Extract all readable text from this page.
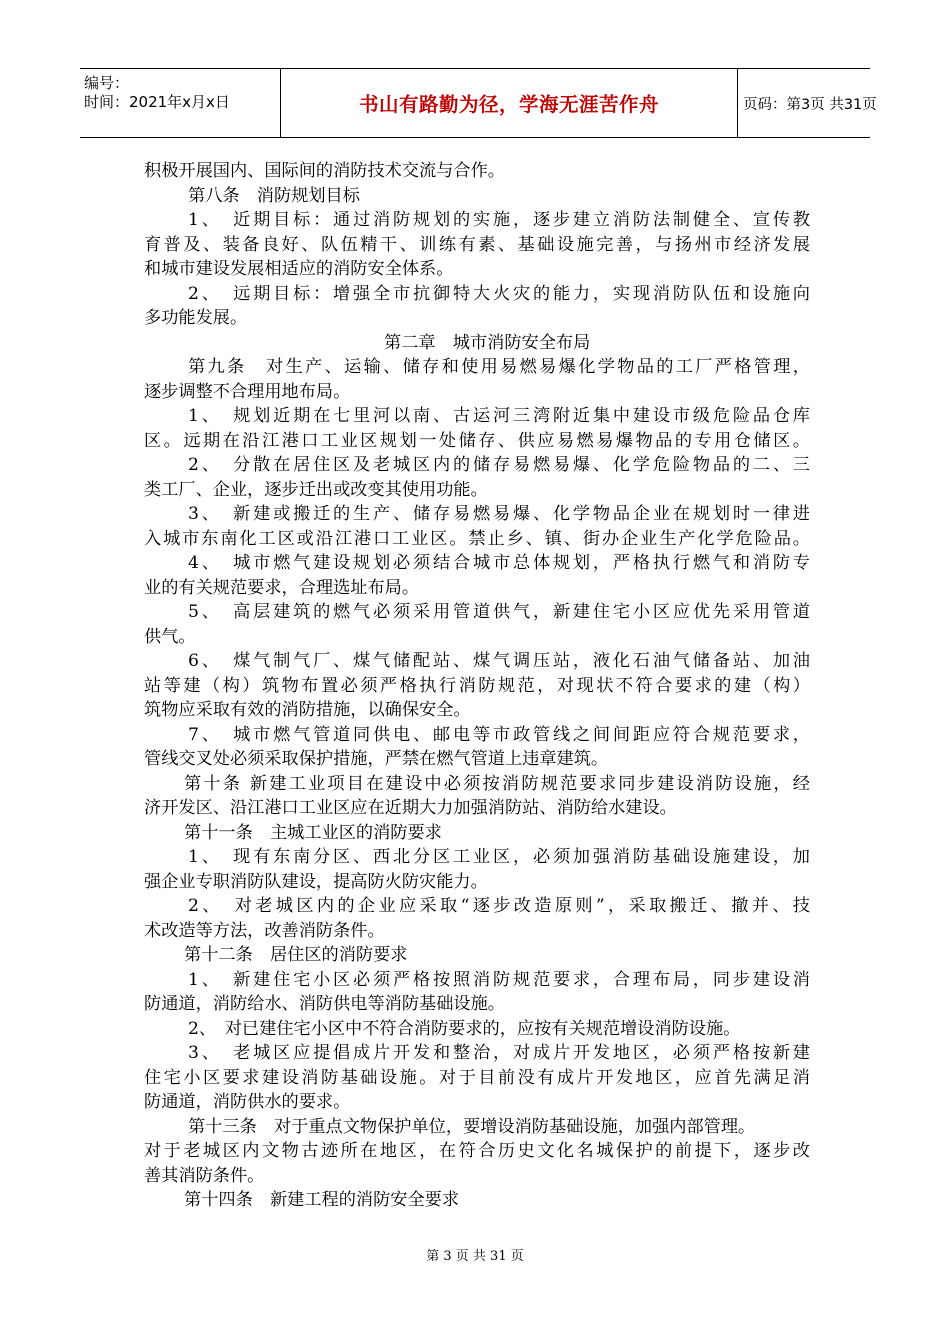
编号：
时间：2021年x月x日	书山有路勤为径，学海无涯苦作舟	页码：第3页 共31页
积极开展国内、国际间的消防技术交流与合作。
第八条　消防规划目标
1、　近期目标：通过消防规划的实施，逐步建立消防法制健全、宣传教
育普及、装备良好、队伍精干、训练有素、基础设施完善，与扬州市经济发展
和城市建设发展相适应的消防安全体系。
2、　远期目标：增强全市抗御特大火灾的能力，实现消防队伍和设施向
多功能发展。
第二章　城市消防安全布局
第九条　对生产、运输、储存和使用易燃易爆化学物品的工厂严格管理，
逐步调整不合理用地布局。
1、　规划近期在七里河以南、古运河三湾附近集中建设市级危险品仓库
区。远期在沿江港口工业区规划一处储存、供应易燃易爆物品的专用仓储区。
2、　分散在居住区及老城区内的储存易燃易爆、化学危险物品的二、三
类工厂、企业，逐步迁出或改变其使用功能。
3、　新建或搬迁的生产、储存易燃易爆、化学物品企业在规划时一律进
入城市东南化工区或沿江港口工业区。禁止乡、镇、街办企业生产化学危险品。
4、　城市燃气建设规划必须结合城市总体规划，严格执行燃气和消防专
业的有关规范要求，合理选址布局。
5、　高层建筑的燃气必须采用管道供气，新建住宅小区应优先采用管道
供气。
6、　煤气制气厂、煤气储配站、煤气调压站，液化石油气储备站、加油
站等建（构）筑物布置必须严格执行消防规范，对现状不符合要求的建（构）
筑物应采取有效的消防措施，以确保安全。
7、　城市燃气管道同供电、邮电等市政管线之间间距应符合规范要求，
管线交叉处必须采取保护措施，严禁在燃气管道上违章建筑。
第十条 新建工业项目在建设中必须按消防规范要求同步建设消防设施，经
济开发区、沿江港口工业区应在近期大力加强消防站、消防给水建设。
第十一条　主城工业区的消防要求
1、　现有东南分区、西北分区工业区，必须加强消防基础设施建设，加
强企业专职消防队建设，提高防火防灾能力。
2、　对老城区内的企业应采取“逐步改造原则”，采取搬迁、撤并、技
术改造等方法，改善消防条件。
第十二条　居住区的消防要求
1、　新建住宅小区必须严格按照消防规范要求，合理布局，同步建设消
防通道，消防给水、消防供电等消防基础设施。
2、　对已建住宅小区中不符合消防要求的，应按有关规范增设消防设施。
3、　老城区应提倡成片开发和整治，对成片开发地区，必须严格按新建
住宅小区要求建设消防基础设施。对于目前没有成片开发地区，应首先满足消
防通道，消防供水的要求。
第十三条　对于重点文物保护单位，要增设消防基础设施，加强内部管理。
对于老城区内文物古迹所在地区，在符合历史文化名城保护的前提下，逐步改
善其消防条件。
第十四条　新建工程的消防安全要求
第 3 页 共 31 页
